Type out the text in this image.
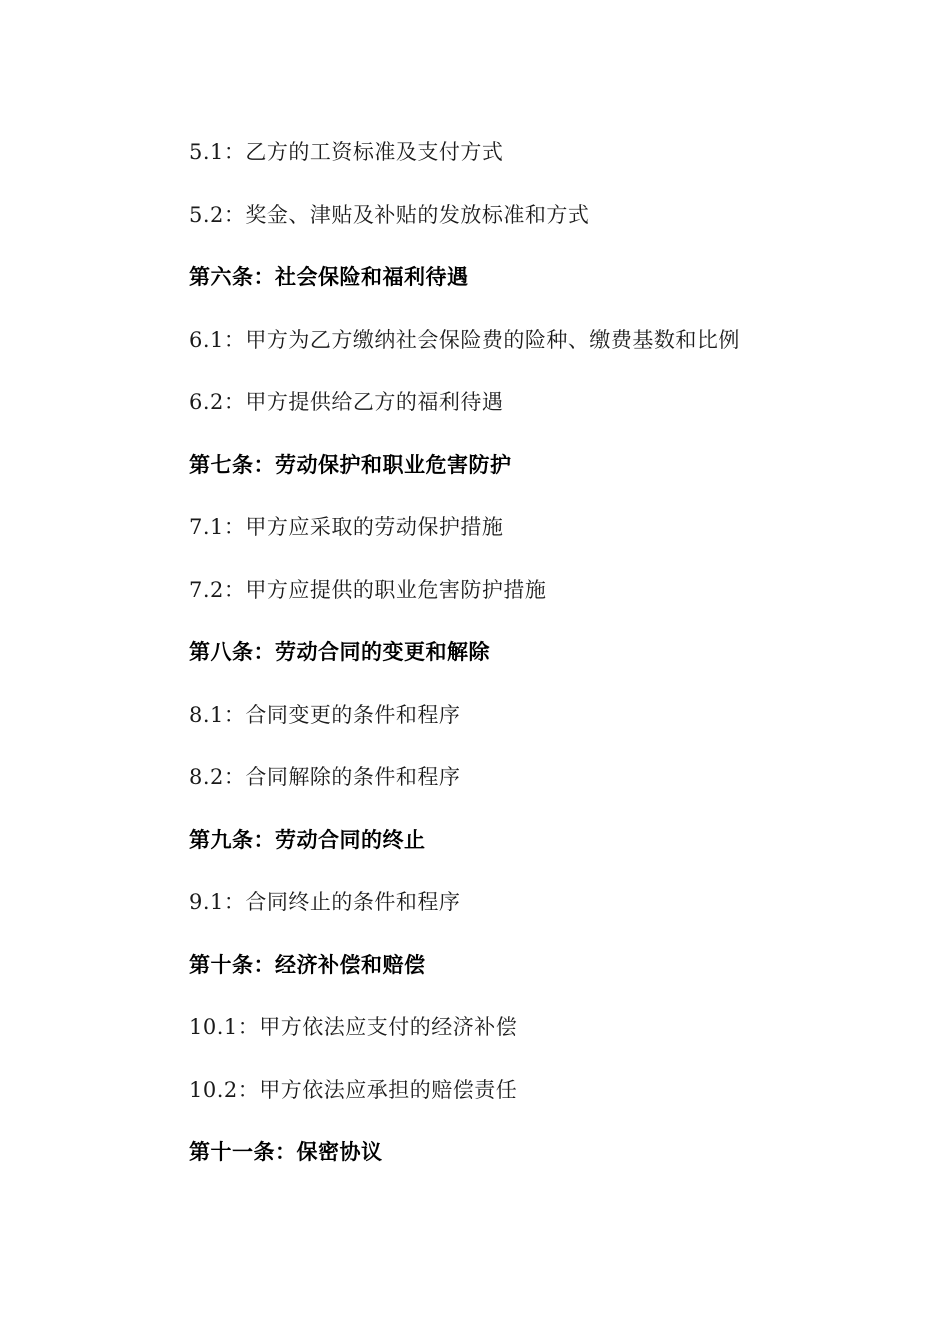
5.1：乙方的工资标准及支付方式
5.2：奖金、津贴及补贴的发放标准和方式
第六条：社会保险和福利待遇
6.1：甲方为乙方缴纳社会保险费的险种、缴费基数和比例
6.2：甲方提供给乙方的福利待遇
第七条：劳动保护和职业危害防护
7.1：甲方应采取的劳动保护措施
7.2：甲方应提供的职业危害防护措施
第八条：劳动合同的变更和解除
8.1：合同变更的条件和程序
8.2：合同解除的条件和程序
第九条：劳动合同的终止
9.1：合同终止的条件和程序
第十条：经济补偿和赔偿
10.1：甲方依法应支付的经济补偿
10.2：甲方依法应承担的赔偿责任
第十一条：保密协议
